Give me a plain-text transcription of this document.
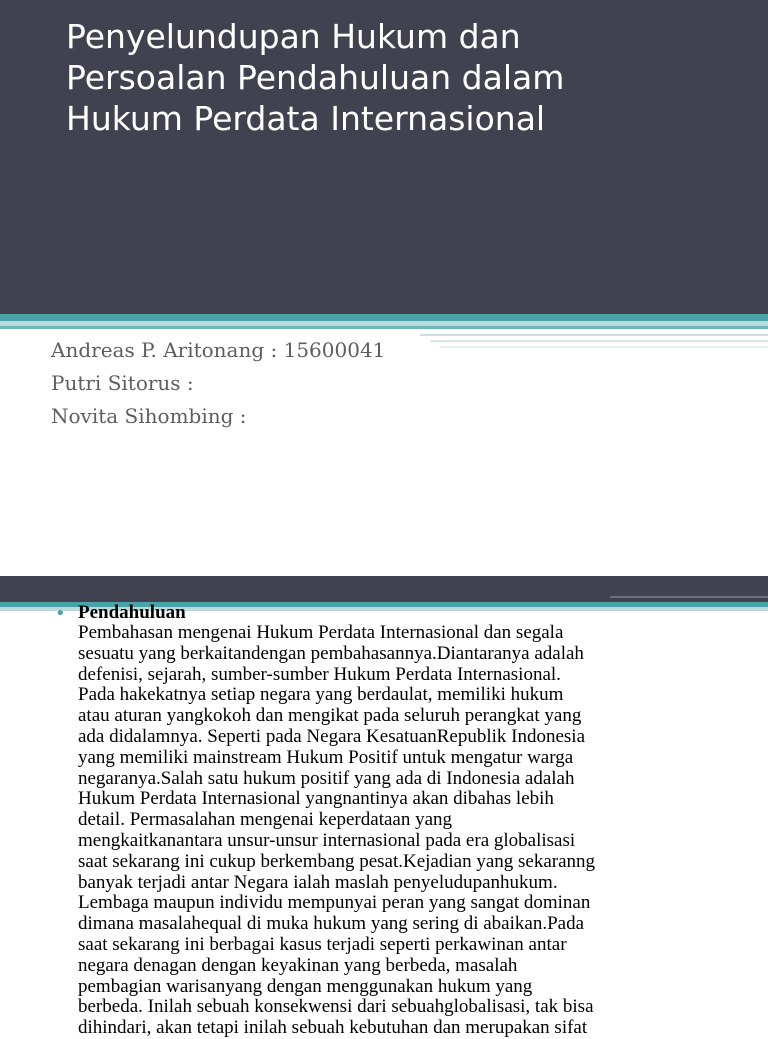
Penyelundupan Hukum dan
Persoalan Pendahuluan dalam
Hukum Perdata Internasional
Andreas P. Aritonang : 15600041
Putri Sitorus :
Novita Sihombing :
• Pendahuluan
Pembahasan mengenai Hukum Perdata Internasional dan segala
sesuatu yang berkaitandengan pembahasannya.Diantaranya adalah
defenisi, sejarah, sumber-sumber Hukum Perdata Internasional.
Pada hakekatnya setiap negara yang berdaulat, memiliki hukum
atau aturan yangkokoh dan mengikat pada seluruh perangkat yang
ada didalamnya. Seperti pada Negara KesatuanRepublik Indonesia
yang memiliki mainstream Hukum Positif untuk mengatur warga
negaranya.Salah satu hukum positif yang ada di Indonesia adalah
Hukum Perdata Internasional yangnantinya akan dibahas lebih
detail. Permasalahan mengenai keperdataan yang
mengkaitkanantara unsur-unsur internasional pada era globalisasi
saat sekarang ini cukup berkembang pesat.Kejadian yang sekaranng
banyak terjadi antar Negara ialah maslah penyeludupanhukum.
Lembaga maupun individu mempunyai peran yang sangat dominan
dimana masalahequal di muka hukum yang sering di abaikan.Pada
saat sekarang ini berbagai kasus terjadi seperti perkawinan antar
negara denagan dengan keyakinan yang berbeda, masalah
pembagian warisanyang dengan menggunakan hukum yang
berbeda. Inilah sebuah konsekwensi dari sebuahglobalisasi, tak bisa
dihindari, akan tetapi inilah sebuah kebutuhan dan merupakan sifat
